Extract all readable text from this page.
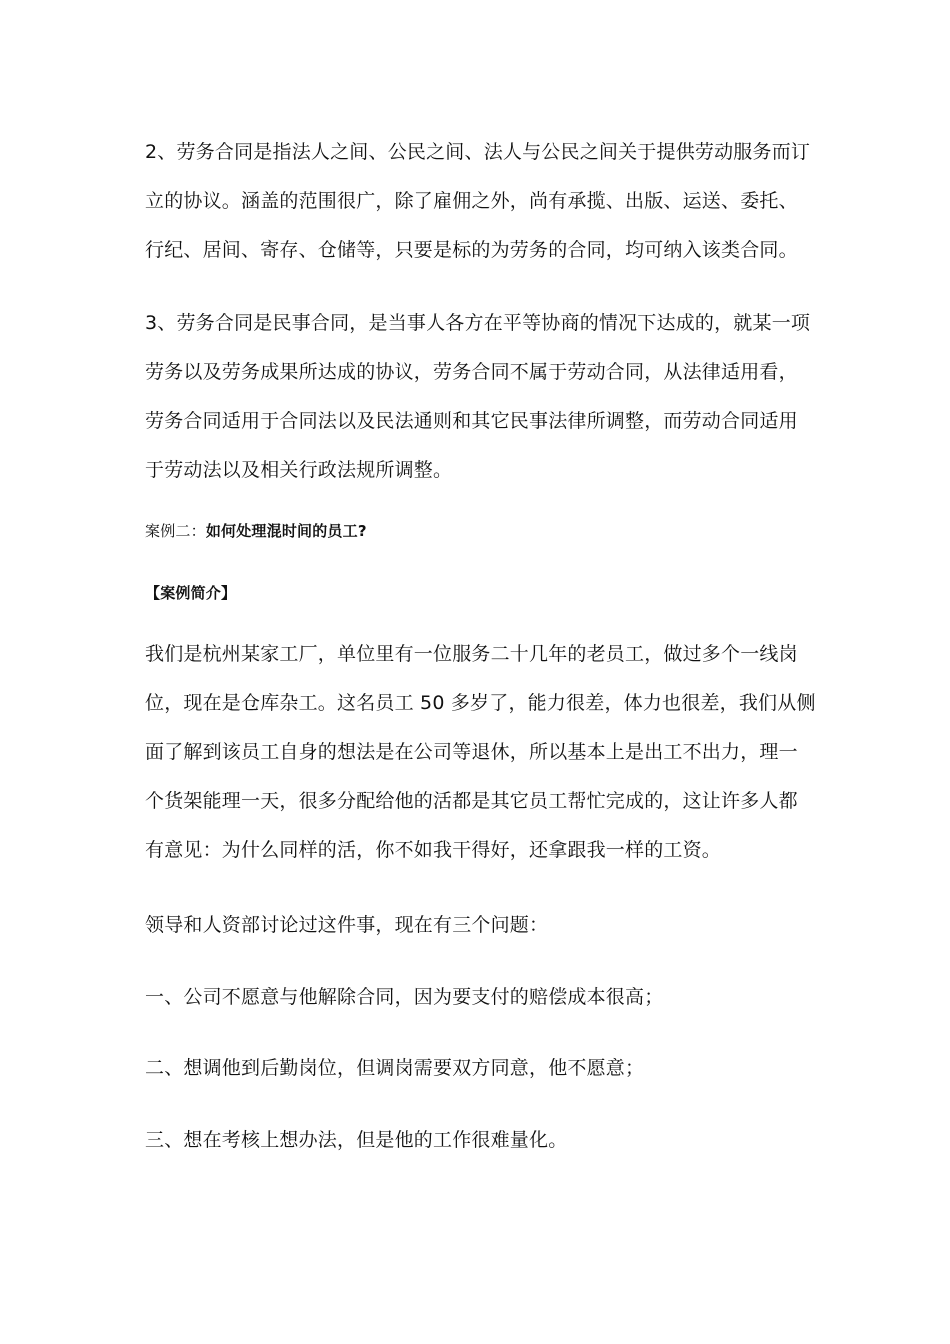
2、劳务合同是指法人之间、公民之间、法人与公民之间关于提供劳动服务而订
立的协议。涵盖的范围很广，除了雇佣之外，尚有承揽、出版、运送、委托、
行纪、居间、寄存、仓储等，只要是标的为劳务的合同，均可纳入该类合同。
3、劳务合同是民事合同，是当事人各方在平等协商的情况下达成的，就某一项
劳务以及劳务成果所达成的协议，劳务合同不属于劳动合同，从法律适用看，
劳务合同适用于合同法以及民法通则和其它民事法律所调整，而劳动合同适用
于劳动法以及相关行政法规所调整。
案例二：如何处理混时间的员工?
【案例简介】
我们是杭州某家工厂，单位里有一位服务二十几年的老员工，做过多个一线岗
位，现在是仓库杂工。这名员工 50 多岁了，能力很差，体力也很差，我们从侧
面了解到该员工自身的想法是在公司等退休，所以基本上是出工不出力，理一
个货架能理一天，很多分配给他的活都是其它员工帮忙完成的，这让许多人都
有意见：为什么同样的活，你不如我干得好，还拿跟我一样的工资。
领导和人资部讨论过这件事，现在有三个问题：
一、公司不愿意与他解除合同，因为要支付的赔偿成本很高；
二、想调他到后勤岗位，但调岗需要双方同意，他不愿意；
三、想在考核上想办法，但是他的工作很难量化。
